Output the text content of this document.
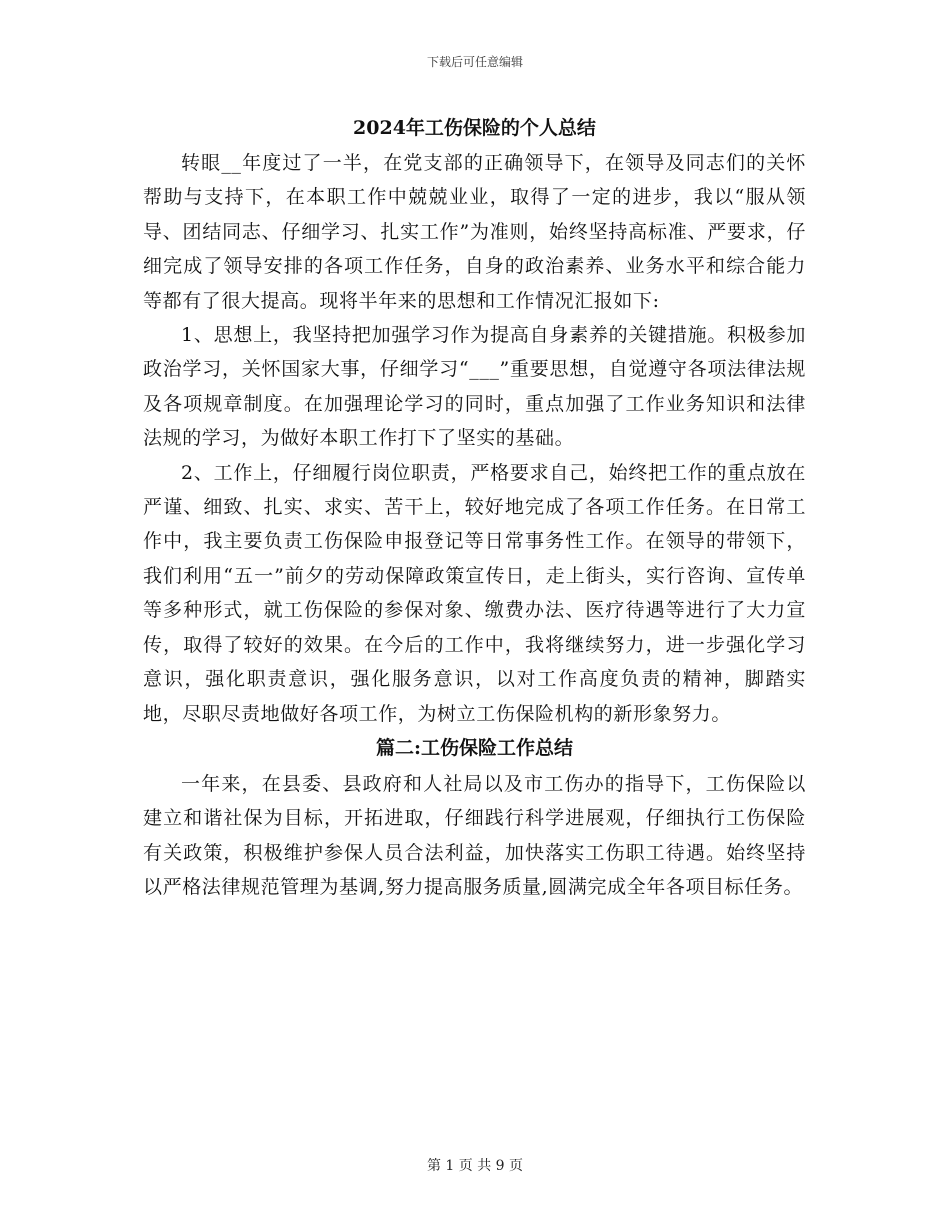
下载后可任意编辑
2024年工伤保险的个人总结

转眼__年度过了一半，在党支部的正确领导下，在领导及同志们的关怀帮助与支持下，在本职工作中兢兢业业，取得了一定的进步，我以“服从领导、团结同志、仔细学习、扎实工作”为准则，始终坚持高标准、严要求，仔细完成了领导安排的各项工作任务，自身的政治素养、业务水平和综合能力等都有了很大提高。现将半年来的思想和工作情况汇报如下:

1、思想上，我坚持把加强学习作为提高自身素养的关键措施。积极参加政治学习，关怀国家大事，仔细学习“___”重要思想，自觉遵守各项法律法规及各项规章制度。在加强理论学习的同时，重点加强了工作业务知识和法律法规的学习，为做好本职工作打下了坚实的基础。

2、工作上，仔细履行岗位职责，严格要求自己，始终把工作的重点放在严谨、细致、扎实、求实、苦干上，较好地完成了各项工作任务。在日常工作中，我主要负责工伤保险申报登记等日常事务性工作。在领导的带领下，我们利用“五一”前夕的劳动保障政策宣传日，走上街头，实行咨询、宣传单等多种形式，就工伤保险的参保对象、缴费办法、医疗待遇等进行了大力宣传，取得了较好的效果。在今后的工作中，我将继续努力，进一步强化学习意识，强化职责意识，强化服务意识，以对工作高度负责的精神，脚踏实地，尽职尽责地做好各项工作，为树立工伤保险机构的新形象努力。

篇二:工伤保险工作总结

一年来，在县委、县政府和人社局以及市工伤办的指导下，工伤保险以建立和谐社保为目标，开拓进取，仔细践行科学进展观，仔细执行工伤保险有关政策，积极维护参保人员合法利益，加快落实工伤职工待遇。始终坚持以严格法律规范管理为基调,努力提高服务质量,圆满完成全年各项目标任务。

第 1 页 共 9 页
